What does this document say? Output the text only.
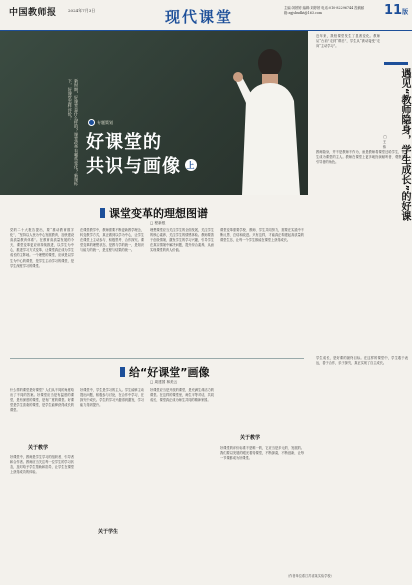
中国教师报	2024年7月3日	现代课堂	主编:刘婷婷 编辑:刘婷婷 电话:010-82296744 投稿邮箱:zgjsbxdkt@163.com	11版
新时期，好课堂是什么样的？课堂改革有哪些变化？新课标下，好课堂怎样评价？
专题策划
好课堂的
共识与画像 上
课堂变革的理想图谱
□ 程新根
党的二十大报告提出，要“推动教育数字化”，“坚持以人民为中心发展教育，加快建设高质量教育体系”。在教育高质量发展的今天，课堂变革更应该持续推进，以学生为中心，推进学习方式变革，让课堂真正成为学生成长的主阵地。一个理想的课堂，应该是以学生为中心的课堂，是学生主动学习的课堂，是学生深度学习的课堂。
在课堂教学中，教师需要不断更新教学理念，转变教学方式，真正做到以学为中心，让学生在课堂上主动参与、积极思考、合作探究。课堂变革的理想状态，是教与学的统一，是知识与能力的统一，是过程与结果的统一。
理想课堂应当关注学生的全面发展，关注学生的核心素养，关注学生的情感体验。教师要善于创设情境，激发学生的学习兴趣，引导学生在真实情境中解决问题，提升综合素养，从而实现课堂的育人价值。
课堂变革需要学校、教师、学生共同努力，需要在实践中不断反思、总结和改进。只有这样，才能真正构建起高质量的课堂生态，让每一个学生都能在课堂上获得成长。
给“好课堂”画像
□ 周建国 林美云
什么样的课堂是好课堂？人们从不同的角度给出了不同的答案。好课堂应当是有温度的课堂，是有深度的课堂，是有广度的课堂。好课堂是学生喜欢的课堂，是学生能够获得成长的课堂。
关于教学
好课堂中，教师是学生学习的组织者、引导者和合作者。教师应当关注每一位学生的学习状态，及时给予学生帮助和指导，让学生在课堂上获得成功的体验。
好课堂中，学生是学习的主人。学生能够主动提出问题，积极参与讨论，在合作中学习，在探究中成长。学生的学习兴趣得到激发，学习能力得到提升。
关于学生
好课堂应当是开放的课堂，是充满生命活力的课堂。在这样的课堂里，师生平等对话，共同成长，课堂真正成为师生共同的精神家园。
关于教学
好课堂的评价标准不是唯一的，它应当是多元的、发展的。我们要以发展的眼光看待课堂，不断探索，不断创新，让每一节课都成为好课堂。
遇见“教师隐身，学生成长”的好课
□ 王 伟
近年来，我校课堂发生了显著变化。教师从“台前”走到“幕后”，学生从“被动接受”走向“主动学习”。
教师隐身，并不是教师不作为，而是教师将课堂还给学生，让学生成为课堂的主人。教师在课堂上更多地扮演倾听者、观察者和引导者的角色。
学生成长，是好课的最终目标。在这样的课堂中，学生敢于表达，善于合作，乐于探究，真正实现了自主成长。
（作者单位系江苏省某实验学校）
